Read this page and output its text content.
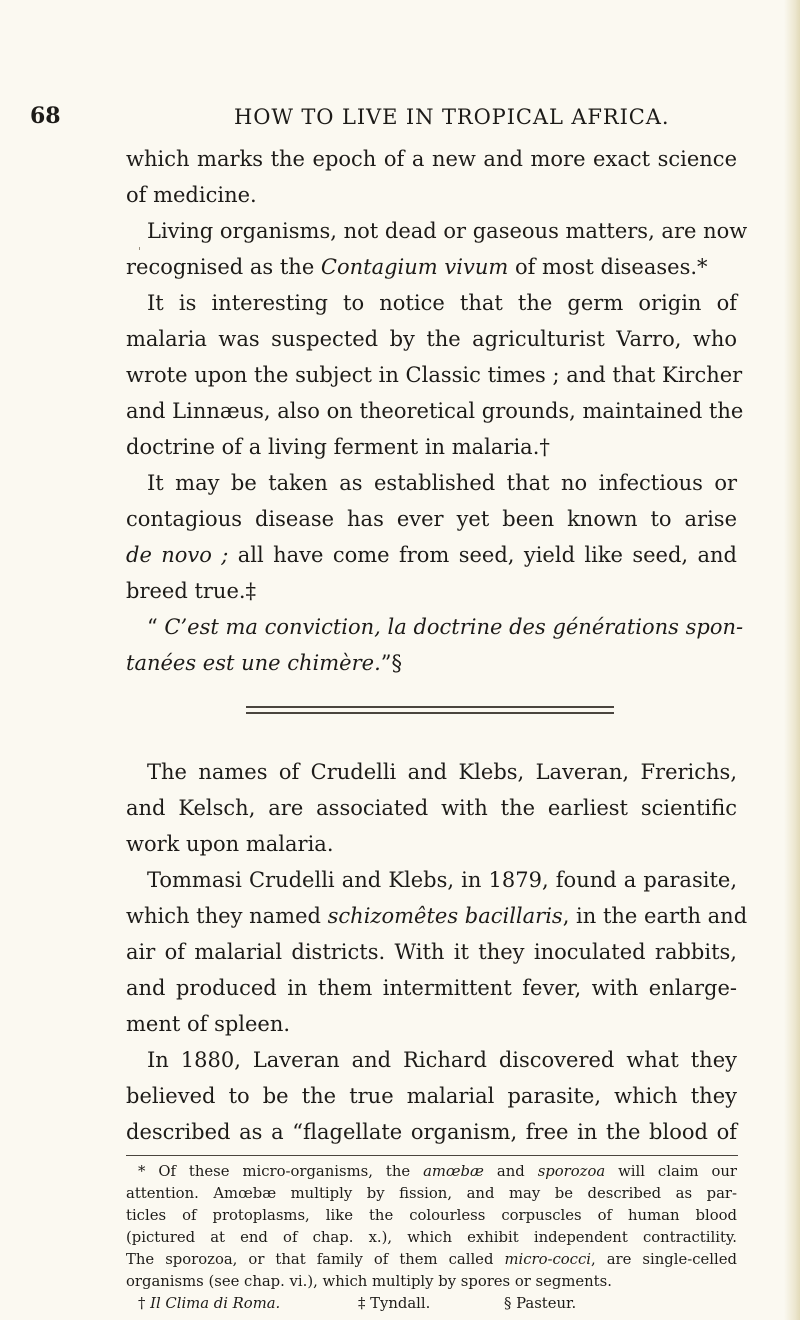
68	HOW TO LIVE IN TROPICAL AFRICA.
'
which marks the epoch of a new and more exact science
of medicine.
Living organisms, not dead or gaseous matters, are now
recognised as the Contagium vivum of most diseases.*
It is interesting to notice that the germ origin of
malaria was suspected by the agriculturist Varro, who
wrote upon the subject in Classic times ; and that Kircher
and Linnæus, also on theoretical grounds, maintained the
doctrine of a living ferment in malaria.†
It may be taken as established that no infectious or
contagious disease has ever yet been known to arise
de novo ; all have come from seed, yield like seed, and
breed true.‡
“ C’est ma conviction, la doctrine des générations spon-
tanées est une chimère.”§
The names of Crudelli and Klebs, Laveran, Frerichs,
and Kelsch, are associated with the earliest scientific
work upon malaria.
Tommasi Crudelli and Klebs, in 1879, found a parasite,
which they named schizomêtes bacillaris, in the earth and
air of malarial districts. With it they inoculated rabbits,
and produced in them intermittent fever, with enlarge-
ment of spleen.
In 1880, Laveran and Richard discovered what they
believed to be the true malarial parasite, which they
described as a “flagellate organism, free in the blood of
* Of these micro-organisms, the amœbæ and sporozoa will claim our
attention. Amœbæ multiply by fission, and may be described as par-
ticles of protoplasms, like the colourless corpuscles of human blood
(pictured at end of chap. x.), which exhibit independent contractility.
The sporozoa, or that family of them called micro-cocci, are single-celled
organisms (see chap. vi.), which multiply by spores or segments.
† Il Clima di Roma.	‡ Tyndall.	§ Pasteur.
